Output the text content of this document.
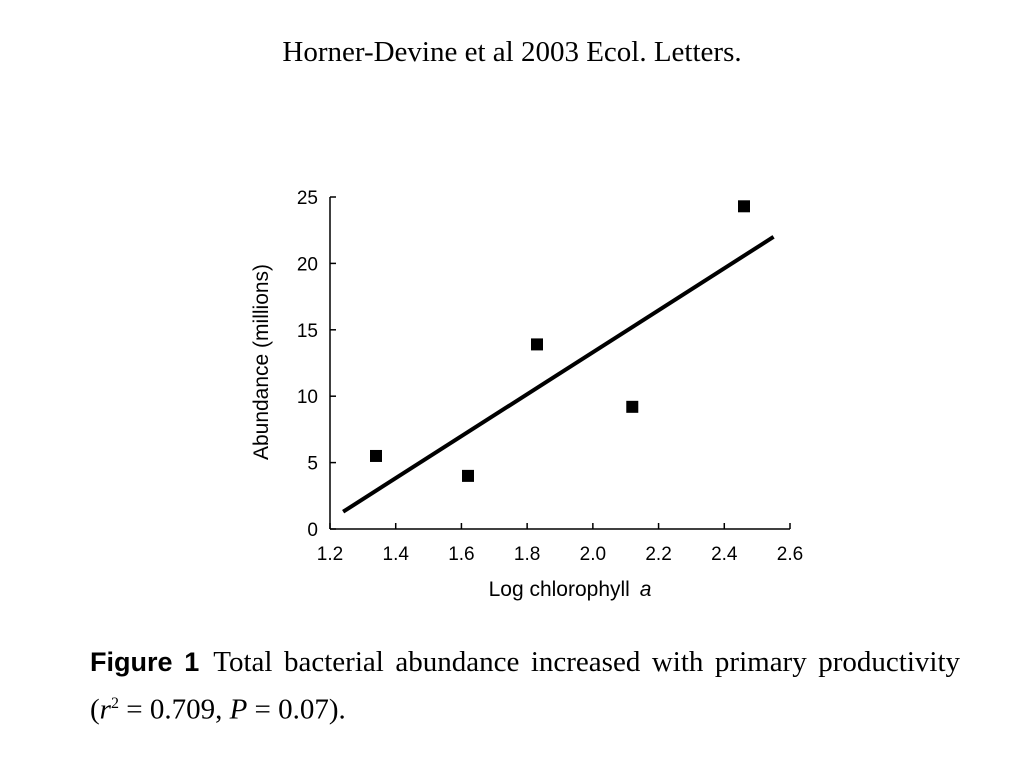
Horner-Devine et al 2003 Ecol. Letters.
1.2 1.4 1.6 1.8 2.0 2.2 2.4 2.6
0
5
10
15
20
25
Abundance (millions)
Log chlorophyll a
Figure 1 Total bacterial abundance increased with primary productivity ($r^2 = 0.709$, P = 0.07).
